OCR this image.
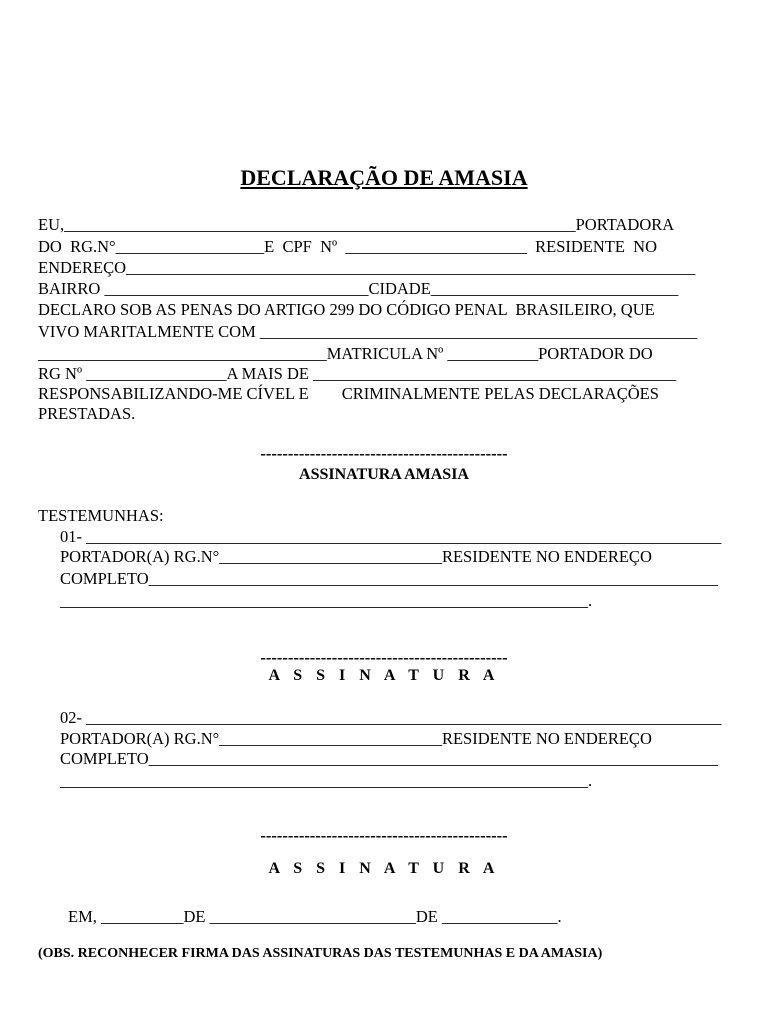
DECLARAÇÃO DE AMASIA
EU,______________________________________________________________PORTADORA
DO  RG.N°__________________E  CPF  Nº  ______________________  RESIDENTE  NO
ENDEREÇO_____________________________________________________________________
BAIRRO ________________________________CIDADE______________________________
DECLARO SOB AS PENAS DO ARTIGO 299 DO CÓDIGO PENAL  BRASILEIRO, QUE
VIVO MARITALMENTE COM _____________________________________________________
___________________________________MATRICULA Nº ___________PORTADOR DO
RG Nº _________________A MAIS DE ____________________________________________
RESPONSABILIZANDO-ME CÍVEL E        CRIMINALMENTE PELAS DECLARAÇÕES
PRESTADAS.
---------------------------------------------
ASSINATURA AMASIA
TESTEMUNHAS:
01- _____________________________________________________________________________
PORTADOR(A) RG.N°___________________________RESIDENTE NO ENDEREÇO
COMPLETO_____________________________________________________________________
________________________________________________________________.
---------------------------------------------
A S S I N A T U R A
02- _____________________________________________________________________________
PORTADOR(A) RG.N°___________________________RESIDENTE NO ENDEREÇO
COMPLETO_____________________________________________________________________
________________________________________________________________.
---------------------------------------------
A S S I N A T U R A
EM, __________DE _________________________DE ______________.
(OBS. RECONHECER FIRMA DAS ASSINATURAS DAS TESTEMUNHAS E DA AMASIA)
